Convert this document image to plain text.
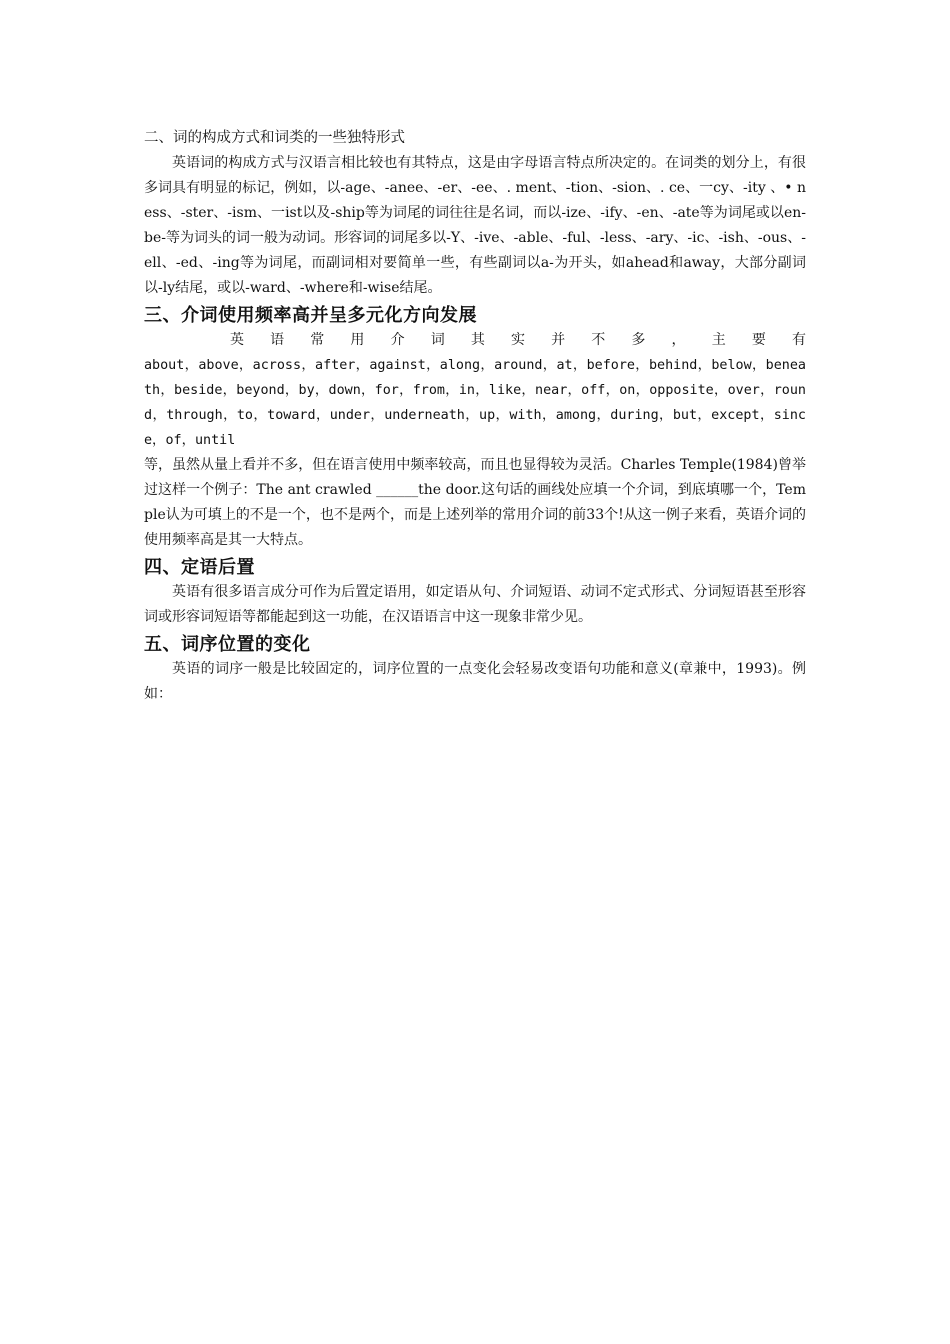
二、词的构成方式和词类的一些独特形式

英语词的构成方式与汉语言相比较也有其特点，这是由字母语言特点所决定的。在词类的划分上，有很多词具有明显的标记，例如，以-age、-anee、-er、-ee、. ment、-tion、-sion、. ce、一cy、-ity 、• ness、-ster、-ism、一ist以及-ship等为词尾的词往往是名词，而以-ize、-ify、-en、-ate等为词尾或以en-be-等为词头的词一般为动词。形容词的词尾多以-Y、-ive、-able、-ful、-less、-ary、-ic、-ish、-ous、-ell、-ed、-ing等为词尾，而副词相对要简单一些，有些副词以a-为开头，如ahead和away，大部分副词以-ly结尾，或以-ward、-where和-wise结尾。

三、介词使用频率高并呈多元化方向发展
英 语 常 用 介 词 其 实 并 不 多 ， 主 要 有

about，above，across，after，against，along，around，at，before，behind，below，beneath，beside，beyond，by，down，for，from，in，like，near，off，on，opposite，over，round，through，to，toward，under，underneath，up，with，among，during，but，except，since，of，until

等，虽然从量上看并不多，但在语言使用中频率较高，而且也显得较为灵活。Charles Temple(1984)曾举过这样一个例子：The ant crawled ______the door.这句话的画线处应填一个介词，到底填哪一个，Temple认为可填上的不是一个，也不是两个，而是上述列举的常用介词的前33个!从这一例子来看，英语介词的使用频率高是其一大特点。

四、定语后置

英语有很多语言成分可作为后置定语用，如定语从句、介词短语、动词不定式形式、分词短语甚至形容词或形容词短语等都能起到这一功能，在汉语语言中这一现象非常少见。

五、词序位置的变化

英语的词序一般是比较固定的，词序位置的一点变化会轻易改变语句功能和意义(章兼中，1993)。例如：
